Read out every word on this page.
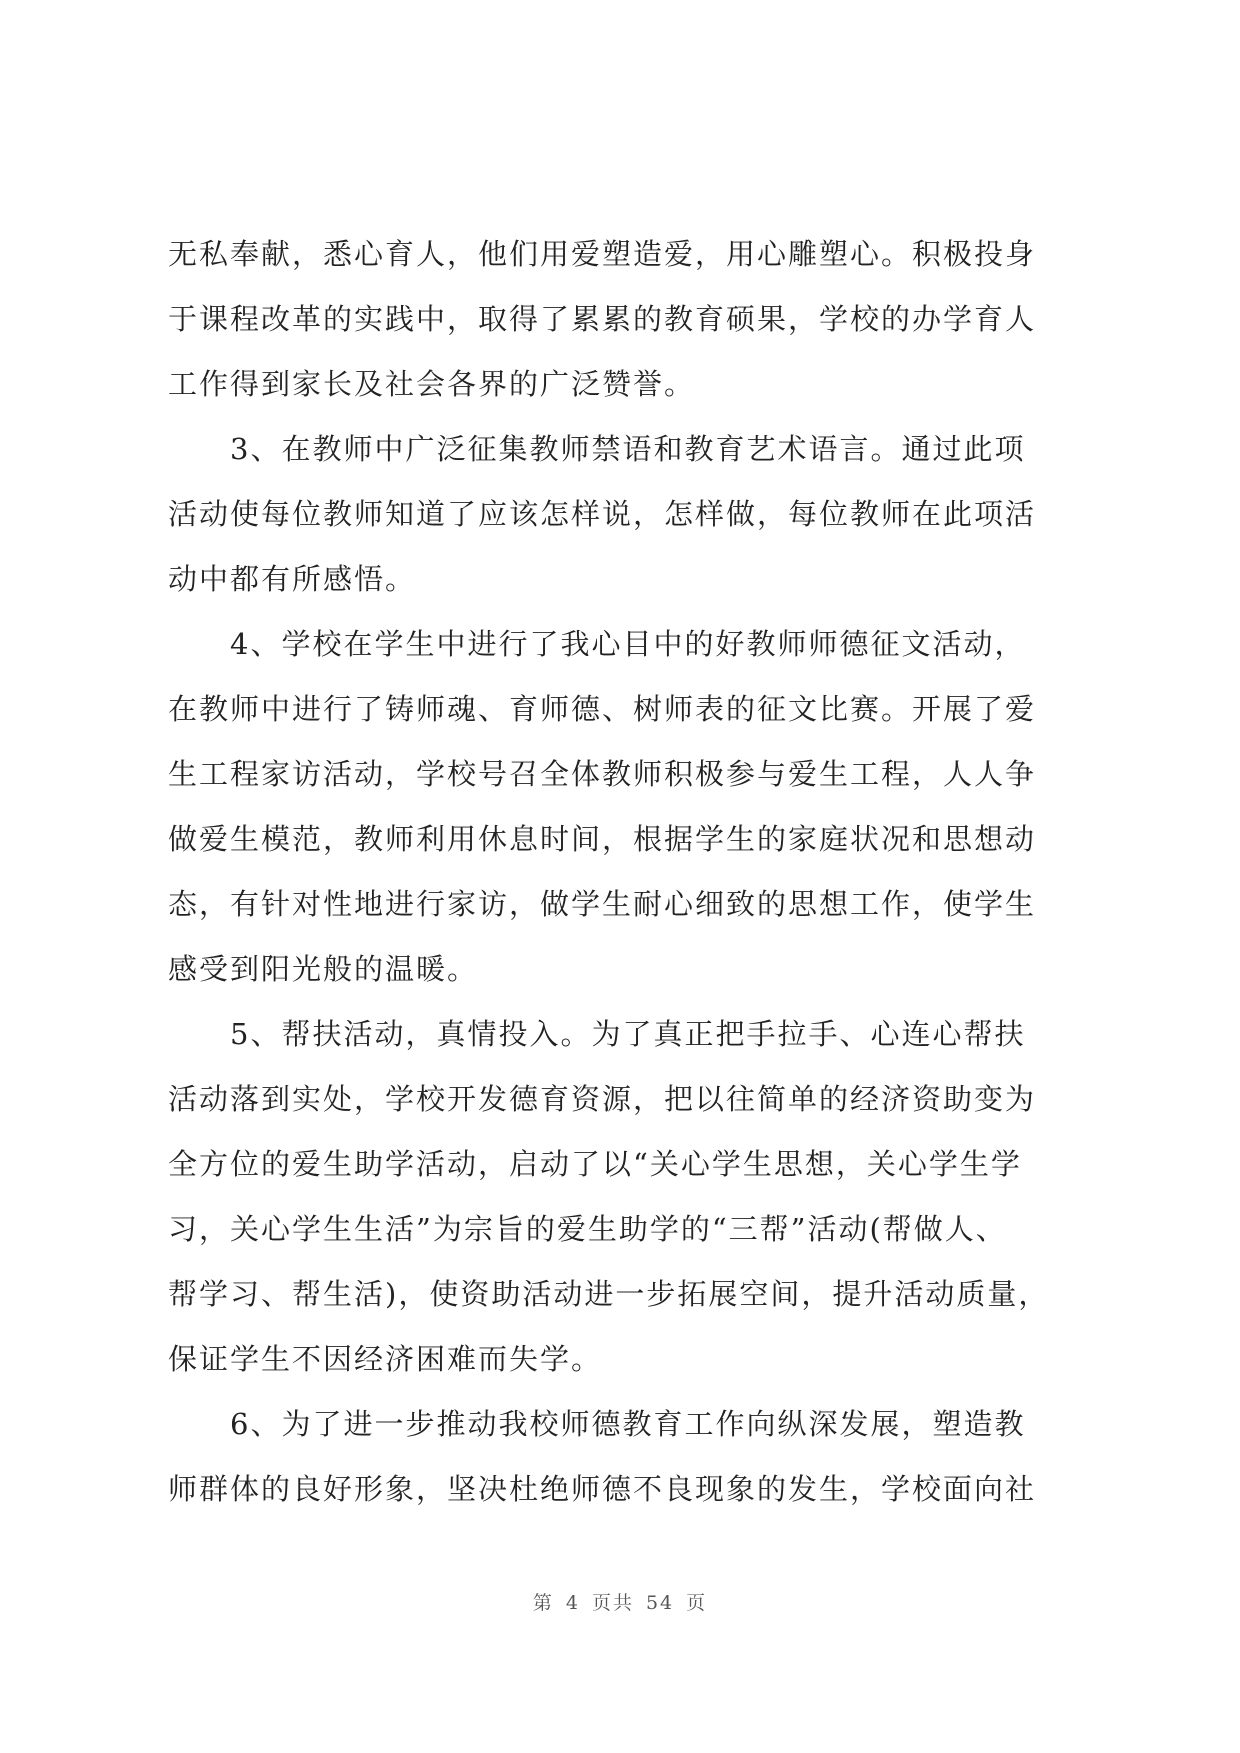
无私奉献，悉心育人，他们用爱塑造爱，用心雕塑心。积极投身
于课程改革的实践中，取得了累累的教育硕果，学校的办学育人
工作得到家长及社会各界的广泛赞誉。
3、在教师中广泛征集教师禁语和教育艺术语言。通过此项
活动使每位教师知道了应该怎样说，怎样做，每位教师在此项活
动中都有所感悟。
4、学校在学生中进行了我心目中的好教师师德征文活动，
在教师中进行了铸师魂、育师德、树师表的征文比赛。开展了爱
生工程家访活动，学校号召全体教师积极参与爱生工程，人人争
做爱生模范，教师利用休息时间，根据学生的家庭状况和思想动
态，有针对性地进行家访，做学生耐心细致的思想工作，使学生
感受到阳光般的温暖。
5、帮扶活动，真情投入。为了真正把手拉手、心连心帮扶
活动落到实处，学校开发德育资源，把以往简单的经济资助变为
全方位的爱生助学活动，启动了以“关心学生思想，关心学生学
习，关心学生生活”为宗旨的爱生助学的“三帮”活动(帮做人、
帮学习、帮生活)，使资助活动进一步拓展空间，提升活动质量，
保证学生不因经济困难而失学。
6、为了进一步推动我校师德教育工作向纵深发展，塑造教
师群体的良好形象，坚决杜绝师德不良现象的发生，学校面向社
第 4 页共 54 页
